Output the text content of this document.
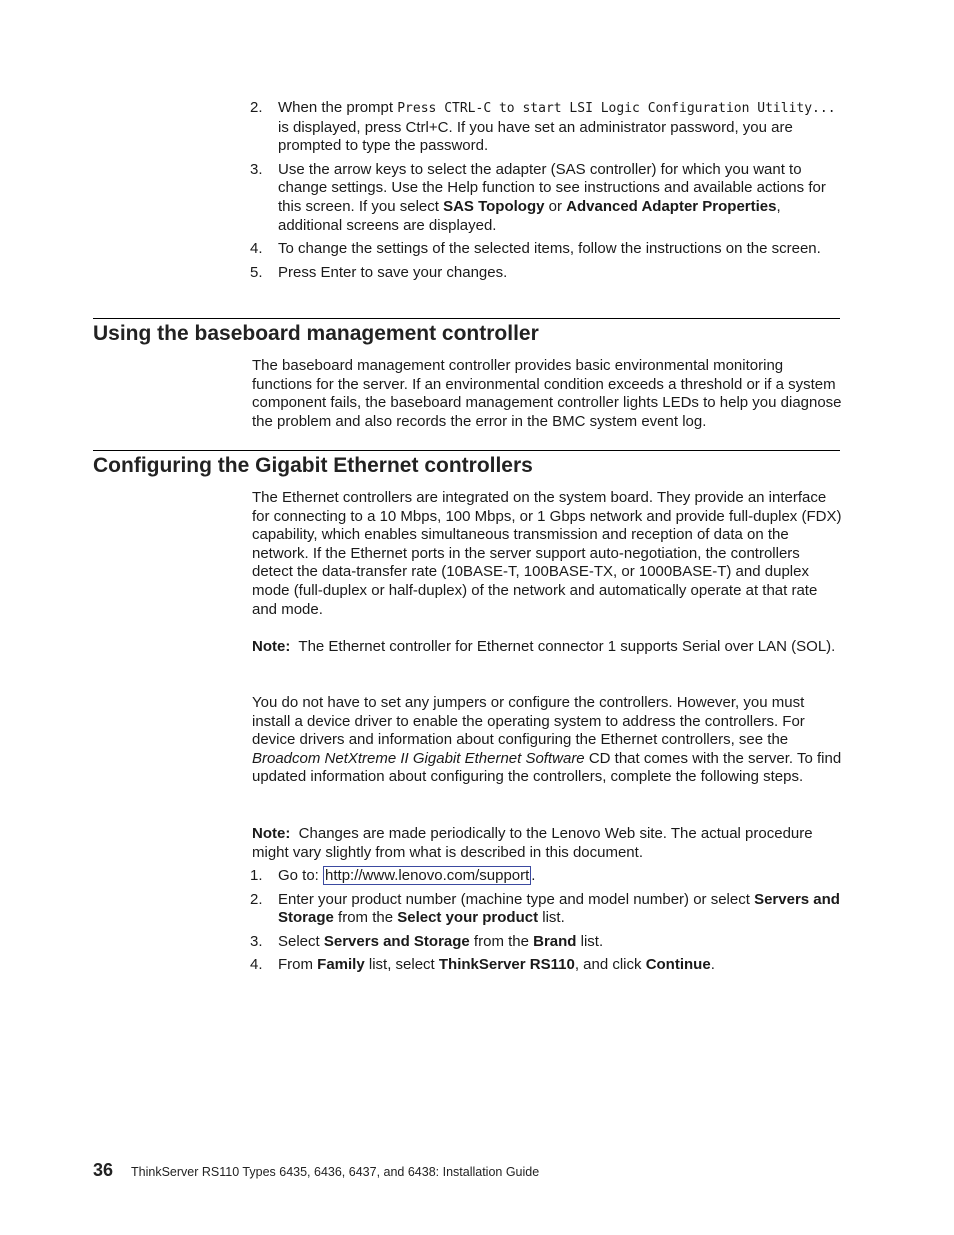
2. When the prompt Press CTRL-C to start LSI Logic Configuration Utility... is displayed, press Ctrl+C. If you have set an administrator password, you are prompted to type the password.

3. Use the arrow keys to select the adapter (SAS controller) for which you want to change settings. Use the Help function to see instructions and available actions for this screen. If you select SAS Topology or Advanced Adapter Properties, additional screens are displayed.

4. To change the settings of the selected items, follow the instructions on the screen.

5. Press Enter to save your changes.

Using the baseboard management controller

The baseboard management controller provides basic environmental monitoring functions for the server. If an environmental condition exceeds a threshold or if a system component fails, the baseboard management controller lights LEDs to help you diagnose the problem and also records the error in the BMC system event log.

Configuring the Gigabit Ethernet controllers

The Ethernet controllers are integrated on the system board. They provide an interface for connecting to a 10 Mbps, 100 Mbps, or 1 Gbps network and provide full-duplex (FDX) capability, which enables simultaneous transmission and reception of data on the network. If the Ethernet ports in the server support auto-negotiation, the controllers detect the data-transfer rate (10BASE-T, 100BASE-TX, or 1000BASE-T) and duplex mode (full-duplex or half-duplex) of the network and automatically operate at that rate and mode.

Note: The Ethernet controller for Ethernet connector 1 supports Serial over LAN (SOL).

You do not have to set any jumpers or configure the controllers. However, you must install a device driver to enable the operating system to address the controllers. For device drivers and information about configuring the Ethernet controllers, see the Broadcom NetXtreme II Gigabit Ethernet Software CD that comes with the server. To find updated information about configuring the controllers, complete the following steps.

Note: Changes are made periodically to the Lenovo Web site. The actual procedure might vary slightly from what is described in this document.

1. Go to: http://www.lenovo.com/support .

2. Enter your product number (machine type and model number) or select Servers and Storage from the Select your product list.

3. Select Servers and Storage from the Brand list.

4. From Family list, select ThinkServer RS110, and click Continue.

36 ThinkServer RS110 Types 6435, 6436, 6437, and 6438: Installation Guide
